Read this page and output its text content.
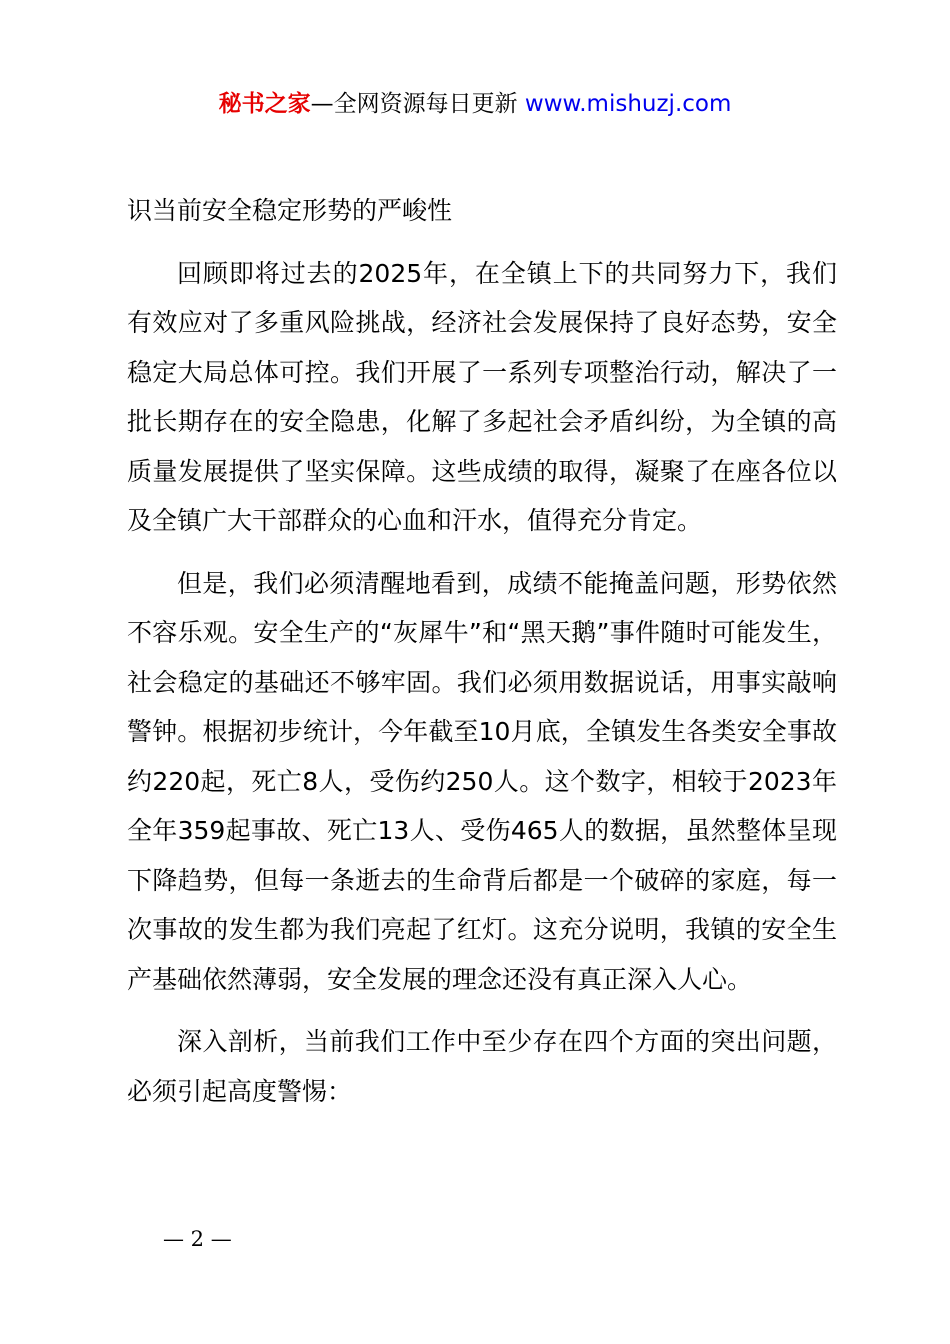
秘书之家—全网资源每日更新 www.mishuzj.com

识当前安全稳定形势的严峻性

回顾即将过去的2025年，在全镇上下的共同努力下，我们有效应对了多重风险挑战，经济社会发展保持了良好态势，安全稳定大局总体可控。我们开展了一系列专项整治行动，解决了一批长期存在的安全隐患，化解了多起社会矛盾纠纷，为全镇的高质量发展提供了坚实保障。这些成绩的取得，凝聚了在座各位以及全镇广大干部群众的心血和汗水，值得充分肯定。

但是，我们必须清醒地看到，成绩不能掩盖问题，形势依然不容乐观。安全生产的“灰犀牛”和“黑天鹅”事件随时可能发生，社会稳定的基础还不够牢固。我们必须用数据说话，用事实敲响警钟。根据初步统计，今年截至10月底，全镇发生各类安全事故约220起，死亡8人，受伤约250人。这个数字，相较于2023年全年359起事故、死亡13人、受伤465人的数据，虽然整体呈现下降趋势，但每一条逝去的生命背后都是一个破碎的家庭，每一次事故的发生都为我们亮起了红灯。这充分说明，我镇的安全生产基础依然薄弱，安全发展的理念还没有真正深入人心。

深入剖析，当前我们工作中至少存在四个方面的突出问题，必须引起高度警惕：

— 2 —
